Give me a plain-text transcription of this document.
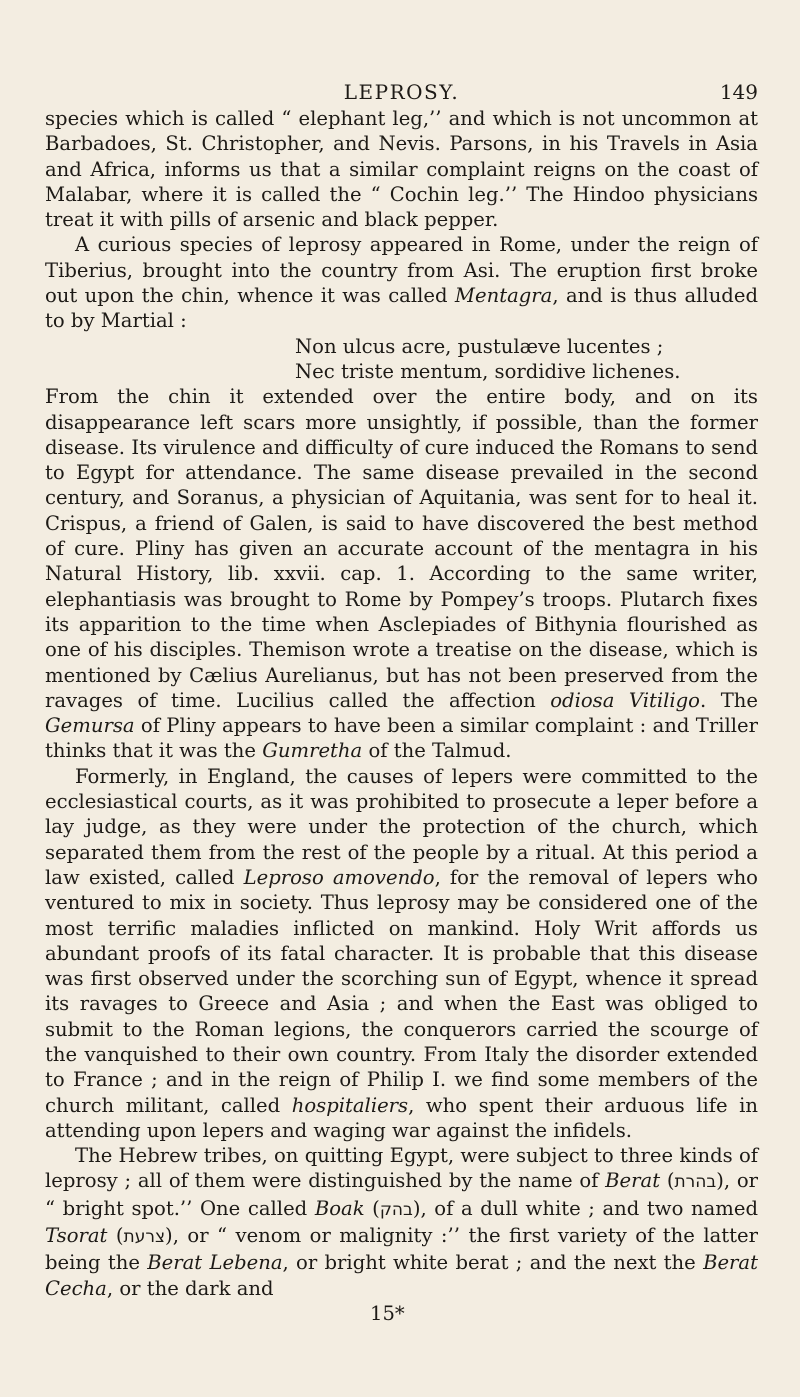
LEPROSY.	149

species which is called “ elephant leg,’’ and which is not uncommon at Barbadoes, St. Christopher, and Nevis. Parsons, in his Travels in Asia and Africa, informs us that a similar complaint reigns on the coast of Malabar, where it is called the “ Cochin leg.’’ The Hindoo physicians treat it with pills of arsenic and black pepper.

A curious species of leprosy appeared in Rome, under the reign of Tiberius, brought into the country from Asi. The eruption first broke out upon the chin, whence it was called Mentagra, and is thus alluded to by Martial :

Non ulcus acre, pustulæve lucentes ;
Nec triste mentum, sordidive lichenes.

From the chin it extended over the entire body, and on its disappearance left scars more unsightly, if possible, than the former disease. Its virulence and difficulty of cure induced the Romans to send to Egypt for attendance. The same disease prevailed in the second century, and Soranus, a physician of Aquitania, was sent for to heal it. Crispus, a friend of Galen, is said to have discovered the best method of cure. Pliny has given an accurate account of the mentagra in his Natural History, lib. xxvii. cap. 1. According to the same writer, elephantiasis was brought to Rome by Pompey’s troops. Plutarch fixes its apparition to the time when Asclepiades of Bithynia flourished as one of his disciples. Themison wrote a treatise on the disease, which is mentioned by Cælius Aurelianus, but has not been preserved from the ravages of time. Lucilius called the affection odiosa Vitiligo. The Gemursa of Pliny appears to have been a similar complaint : and Triller thinks that it was the Gumretha of the Talmud.

Formerly, in England, the causes of lepers were committed to the ecclesiastical courts, as it was prohibited to prosecute a leper before a lay judge, as they were under the protection of the church, which separated them from the rest of the people by a ritual. At this period a law existed, called Leproso amovendo, for the removal of lepers who ventured to mix in society. Thus leprosy may be considered one of the most terrific maladies inflicted on mankind. Holy Writ affords us abundant proofs of its fatal character. It is probable that this disease was first observed under the scorching sun of Egypt, whence it spread its ravages to Greece and Asia ; and when the East was obliged to submit to the Roman legions, the conquerors carried the scourge of the vanquished to their own country. From Italy the disorder extended to France ; and in the reign of Philip I. we find some members of the church militant, called hospitaliers, who spent their arduous life in attending upon lepers and waging war against the infidels.

The Hebrew tribes, on quitting Egypt, were subject to three kinds of leprosy ; all of them were distinguished by the name of Berat (בהרת), or “ bright spot.’’ One called Boak (בהק), of a dull white ; and two named Tsorat (צרעת), or “ venom or malignity :’’ the first variety of the latter being the Berat Lebena, or bright white berat ; and the next the Berat Cecha, or the dark and

15*
